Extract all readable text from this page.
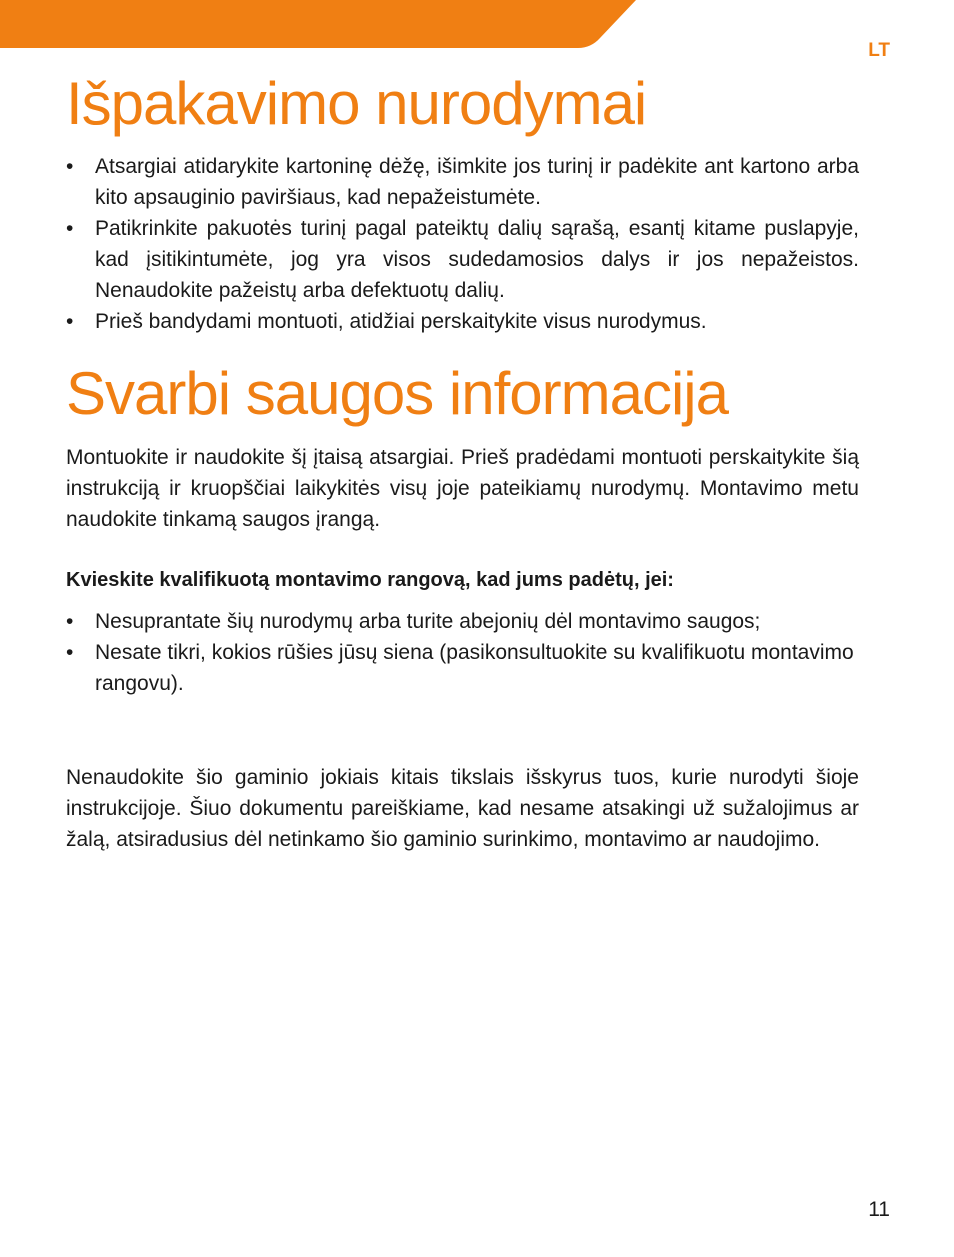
LT
Išpakavimo nurodymai
•	Atsargiai atidarykite kartoninę dėžę, išimkite jos turinį ir padėkite ant kartono arba kito apsauginio paviršiaus, kad nepažeistumėte.
•	Patikrinkite pakuotės turinį pagal pateiktų dalių sąrašą, esantį kitame puslapyje, kad įsitikintumėte, jog yra visos sudedamosios dalys ir jos nepažeistos. Nenaudokite pažeistų arba defektuotų dalių.
•	Prieš bandydami montuoti, atidžiai perskaitykite visus nurodymus.
Svarbi saugos informacija

Montuokite ir naudokite šį įtaisą atsargiai. Prieš pradėdami montuoti perskaitykite šią instrukciją ir kruopščiai laikykitės visų joje pateikiamų nurodymų. Montavimo metu naudokite tinkamą saugos įrangą.

Kvieskite kvalifikuotą montavimo rangovą, kad jums padėtų, jei:

•	Nesuprantate šių nurodymų arba turite abejonių dėl montavimo saugos;
•	Nesate tikri, kokios rūšies jūsų siena (pasikonsultuokite su kvalifikuotu montavimo rangovu).

Nenaudokite šio gaminio jokiais kitais tikslais išskyrus tuos, kurie nurodyti šioje instrukcijoje. Šiuo dokumentu pareiškiame, kad nesame atsakingi už sužalojimus ar žalą, atsiradusius dėl netinkamo šio gaminio surinkimo, montavimo ar naudojimo.

11
